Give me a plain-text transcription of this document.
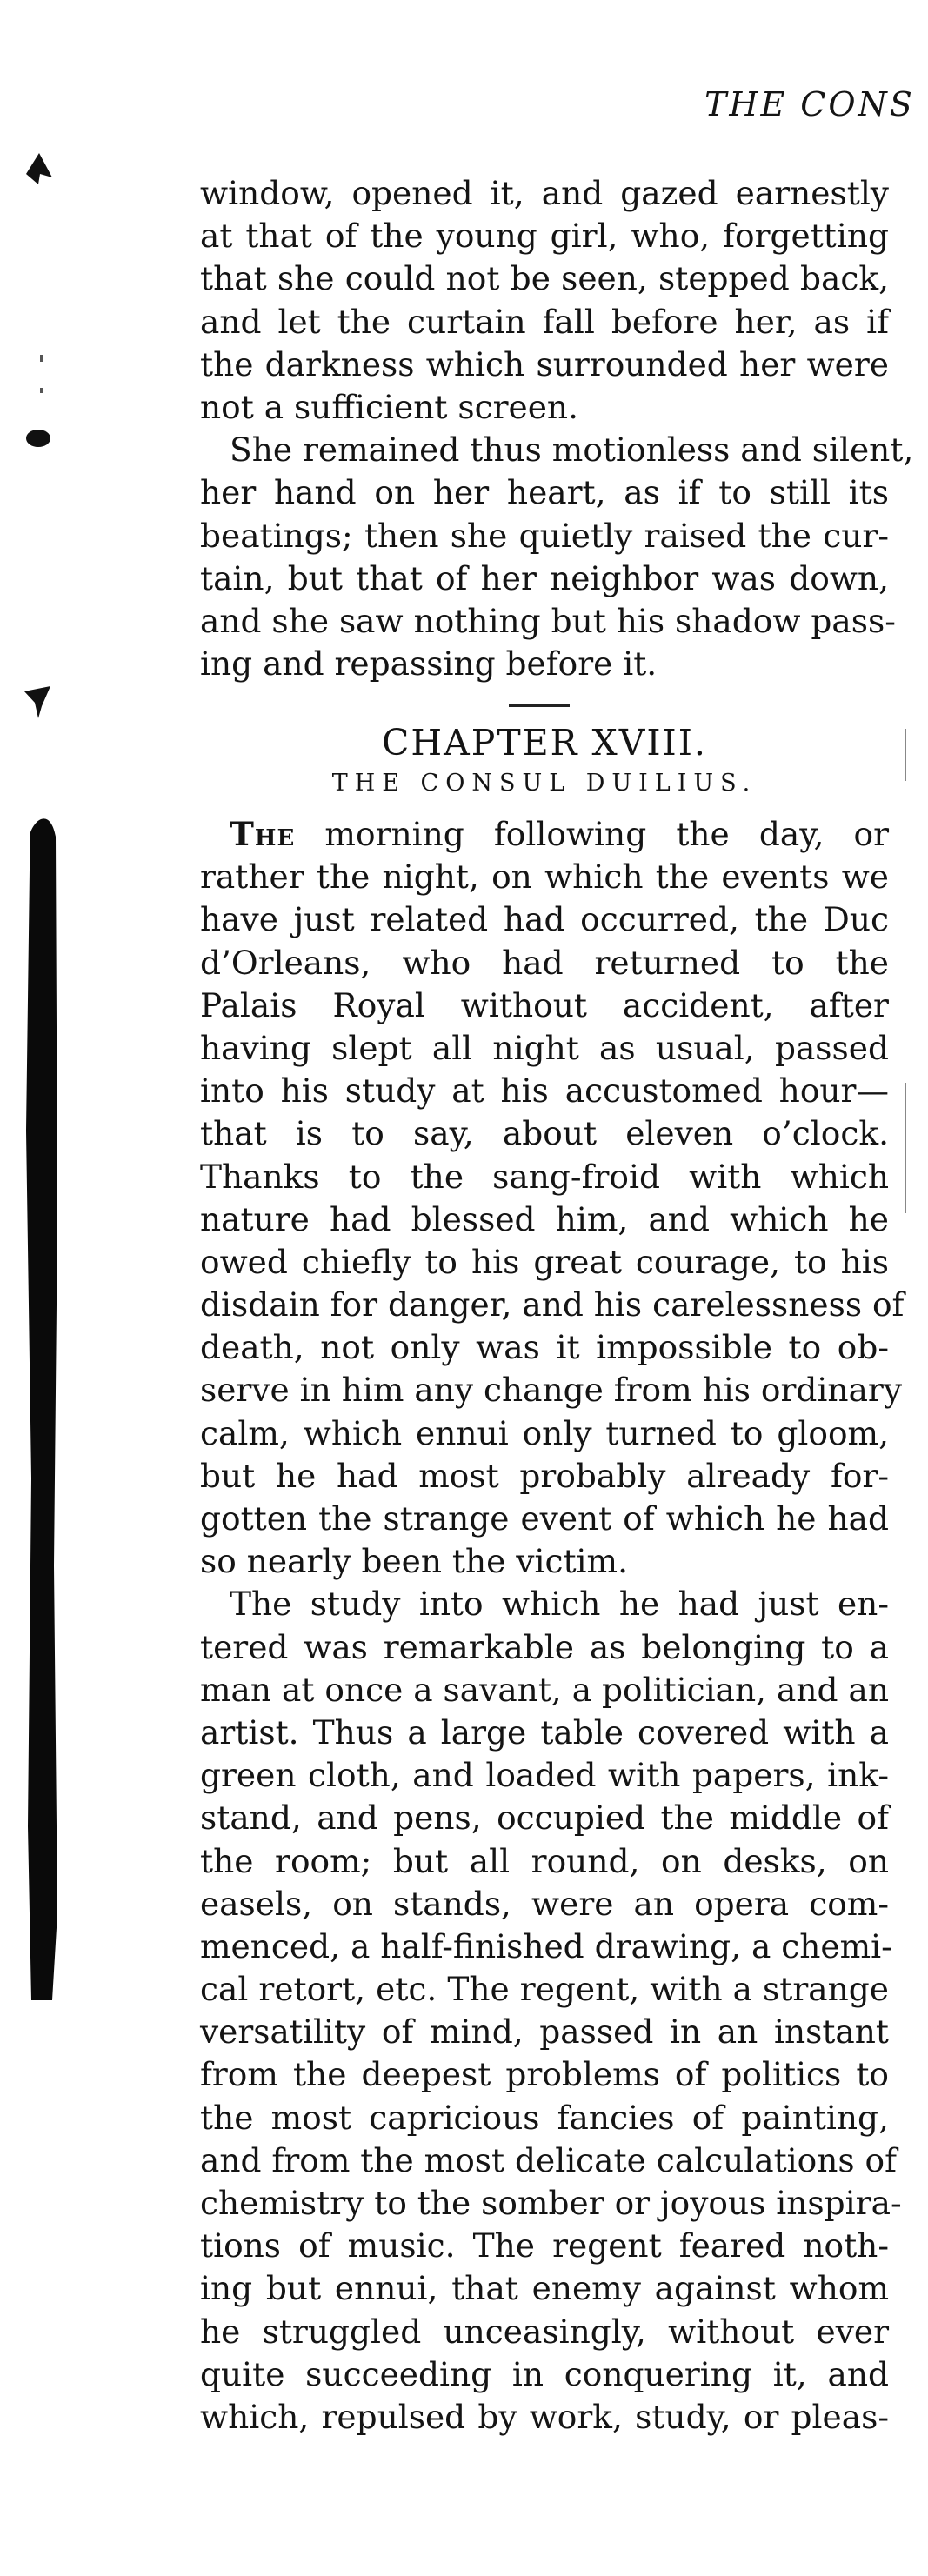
THE CONS
window, opened it, and gazed earnestly
at that of the young girl, who, forgetting
that she could not be seen, stepped back,
and let the curtain fall before her, as if
the darkness which surrounded her were
not a sufficient screen.
She remained thus motionless and silent,
her hand on her heart, as if to still its
beatings; then she quietly raised the cur-
tain, but that of her neighbor was down,
and she saw nothing but his shadow pass-
ing and repassing before it.
CHAPTER XVIII.
THE CONSUL DUILIUS.
The morning following the day, or
rather the night, on which the events we
have just related had occurred, the Duc
d’Orleans, who had returned to the
Palais Royal without accident, after
having slept all night as usual, passed
into his study at his accustomed hour—
that is to say, about eleven o’clock.
Thanks to the sang-froid with which
nature had blessed him, and which he
owed chiefly to his great courage, to his
disdain for danger, and his carelessness of
death, not only was it impossible to ob-
serve in him any change from his ordinary
calm, which ennui only turned to gloom,
but he had most probably already for-
gotten the strange event of which he had
so nearly been the victim.
The study into which he had just en-
tered was remarkable as belonging to a
man at once a savant, a politician, and an
artist. Thus a large table covered with a
green cloth, and loaded with papers, ink-
stand, and pens, occupied the middle of
the room; but all round, on desks, on
easels, on stands, were an opera com-
menced, a half-finished drawing, a chemi-
cal retort, etc. The regent, with a strange
versatility of mind, passed in an instant
from the deepest problems of politics to
the most capricious fancies of painting,
and from the most delicate calculations of
chemistry to the somber or joyous inspira-
tions of music. The regent feared noth-
ing but ennui, that enemy against whom
he struggled unceasingly, without ever
quite succeeding in conquering it, and
which, repulsed by work, study, or pleas-
